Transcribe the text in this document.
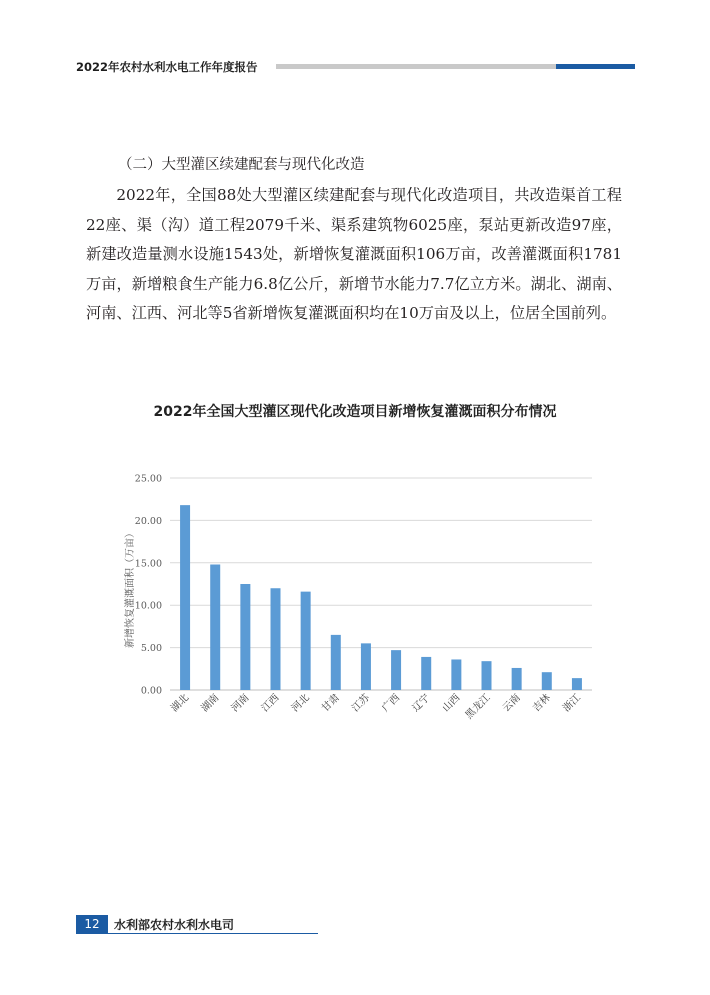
2022年农村水利水电工作年度报告
（二）大型灌区续建配套与现代化改造

2022年，全国88处大型灌区续建配套与现代化改造项目，共改造渠首工程22座、渠（沟）道工程2079千米、渠系建筑物6025座，泵站更新改造97座，新建改造量测水设施1543处，新增恢复灌溉面积106万亩，改善灌溉面积1781万亩，新增粮食生产能力6.8亿公斤，新增节水能力7.7亿立方米。湖北、湖南、河南、江西、河北等5省新增恢复灌溉面积均在10万亩及以上，位居全国前列。

2022年全国大型灌区现代化改造项目新增恢复灌溉面积分布情况
0.00
5.00
10.00
15.00
20.00
25.00
湖北 湖南 河南 江西 河北 甘肃 江苏 广西 辽宁 山西 黑龙江 云南 吉林 浙江
新增恢复灌溉面积（万亩）
12	水利部农村水利水电司
